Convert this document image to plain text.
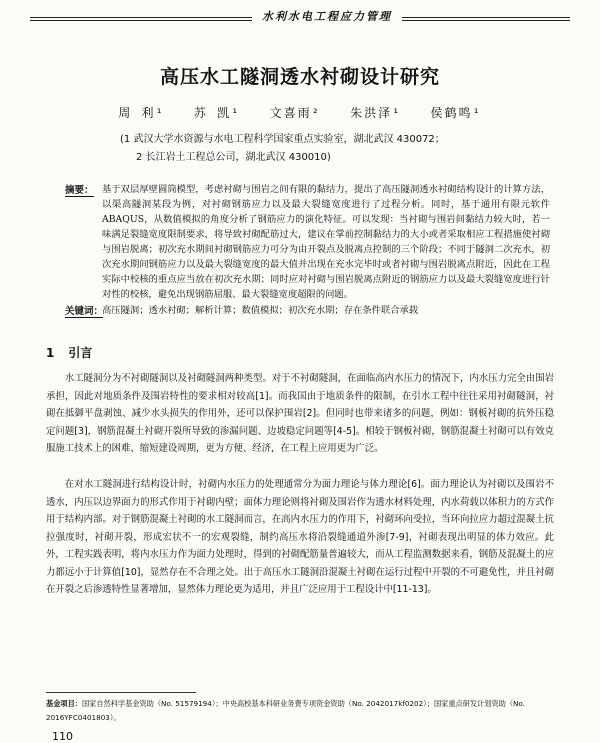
水利水电工程应力管理
高压水工隧洞透水衬砌设计研究
周 利¹ 苏 凯¹ 文喜雨² 朱洪泽¹ 侯鹤鸣¹
(1 武汉大学水资源与水电工程科学国家重点实验室，湖北武汉 430072；
2 长江岩土工程总公司，湖北武汉 430010)
摘要： 基于双层厚壁圆筒模型，考虑衬砌与围岩之间有限的黏结力，提出了高压隧洞透水衬砌结构设计的计算方法，以渠高隧洞某段为例，对衬砌钢筋应力以及最大裂缝宽度进行了过程分析。同时，基于通用有限元软件ABAQUS，从数值模拟的角度分析了钢筋应力的演化特征。可以发现：当衬砌与围岩间黏结力较大时，若一味满足裂缝宽度限制要求，将导致衬砌配筋过大，建议在掌前控制黏结力的大小或者采取相应工程措施使衬砌与围岩脱离；初次充水期间衬砌钢筋应力可分为由开裂点及脱离点控制的三个阶段；不同于隧洞二次充水，初次充水期间钢筋应力以及最大裂缝宽度的最大值并出现在充水完毕时或者衬砌与围岩脱离点附近，因此在工程实际中校核的重点应当放在初次充水期；同时应对衬砌与围岩脱离点附近的钢筋应力以及最大裂缝宽度进行针对性的校核，避免出现钢筋屈服、最大裂缝宽度超限的问题。
关键词：
高压隧洞；透水衬砌；解析计算；数值模拟；初次充水期；存在条件联合承载
1 引言

水工隧洞分为不衬砌隧洞以及衬砌隧洞两种类型。对于不衬砌隧洞，在面临高内水压力的情况下，内水压力完全由围岩承担，因此对地质条件及围岩特性的要求相对较高[1]。而我国由于地质条件的限制，在引水工程中往往采用衬砌隧洞，衬砌在抵御平盘剥蚀、减少水头损失的作用外，还可以保护围岩[2]。但同时也带来诸多的问题，例如：钢板衬砌的抗外压稳定问题[3]，钢筋混凝土衬砌开裂所导致的渗漏问题、边坡稳定问题等[4-5]。相较于钢板衬砌，钢筋混凝土衬砌可以有效克服施工技术上的困难、缩短建设周期，更为方便、经济，在工程上应用更为广泛。

在对水工隧洞进行结构设计时，衬砌内水压力的处理通常分为面力理论与体力理论[6]。面力理论认为衬砌以及围岩不透水，内压以边界面力的形式作用于衬砌内壁；面体力理论则将衬砌及围岩作为透水材料处理，内水荷载以体积力的方式作用于结构内部。对于钢筋混凝土衬砌的水工隧洞而言，在高内水压力的作用下，衬砌环向受拉，当环向拉应力超过混凝土抗拉强度时，衬砌开裂，形成宏状不一的宏观裂缝，制约高压水将沿裂缝通道外渗[7-9]，衬砌表现出明显的体力效应。此外，工程实践表明，将内水压力作为面力处理时，得到的衬砌配筋量普遍较大，而从工程监测数据来看，钢筋及混凝土的应力都远小于计算值[10]，显然存在不合理之处。出于高压水工隧洞沿混凝土衬砌在运行过程中开裂的不可避免性，并且衬砌在开裂之后渗透特性显著增加，显然体力理论更为适用，并且广泛应用于工程设计中[11-13]。

基金项目：国家自然科学基金资助（No. 51579194）；中央高校基本科研业务费专项资金资助（No. 2042017kf0202）；国家重点研发计划资助（No. 2016YFC0401803）。
110
